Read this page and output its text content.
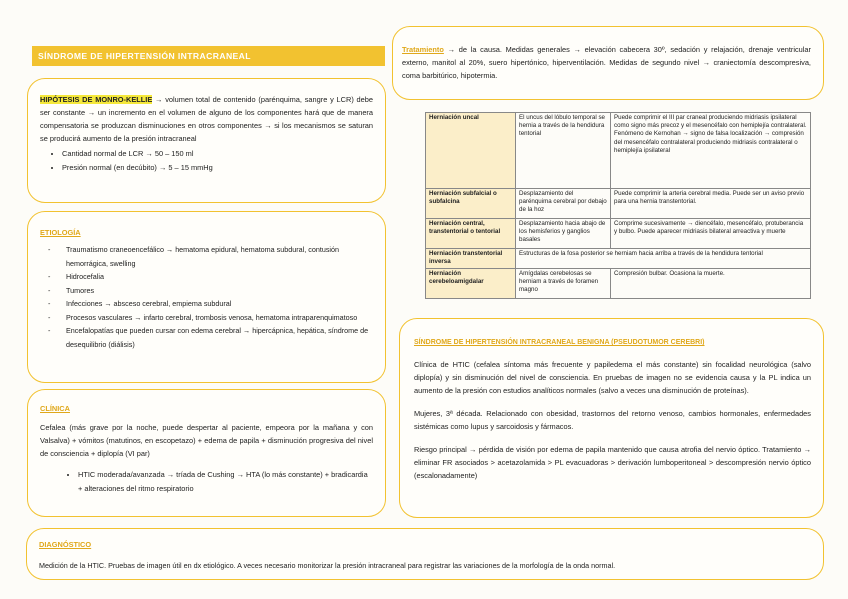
SÍNDROME DE HIPERTENSIÓN INTRACRANEAL

HIPÓTESIS DE MONRO-KELLIE → volumen total de contenido (parénquima, sangre y LCR) debe ser constante → un incremento en el volumen de alguno de los componentes hará que de manera compensatoria se produzcan disminuciones en otros componentes → si los mecanismos se saturan se producirá aumento de la presión intracraneal

• Cantidad normal de LCR → 50 – 150 ml
• Presión normal (en decúbito) → 5 – 15 mmHg
ETIOLOGÍA
- Traumatismo craneoencefálico → hematoma epidural, hematoma subdural, contusión hemorrágica, swelling
- Hidrocefalia
- Tumores
- Infecciones → absceso cerebral, empiema subdural
- Procesos vasculares → infarto cerebral, trombosis venosa, hematoma intraparenquimatoso
- Encefalopatías que pueden cursar con edema cerebral → hipercápnica, hepática, síndrome de desequilibrio (diálisis)
CLÍNICA

Cefalea (más grave por la noche, puede despertar al paciente, empeora por la mañana y con Valsalva) + vómitos (matutinos, en escopetazo) + edema de papila + disminución progresiva del nivel de consciencia + diplopía (VI par)

• HTIC moderada/avanzada → tríada de Cushing → HTA (lo más constante) + bradicardia + alteraciones del ritmo respiratorio

Tratamiento → de la causa. Medidas generales → elevación cabecera 30º, sedación y relajación, drenaje ventricular externo, manitol al 20%, suero hipertónico, hiperventilación. Medidas de segundo nivel → craniectomía descompresiva, coma barbitúrico, hipotermia.

Herniación uncal	El uncus del lóbulo temporal se hernia a través de la hendidura tentorial	Puede comprimir el III par craneal produciendo midriasis ipsilateral como signo más precoz y el mesencéfalo con hemiplejía contralateral. Fenómeno de Kernohan → signo de falsa localización → compresión del mesencéfalo contralateral produciendo midriasis contralateral o hemiplejía ipsilateral
Herniación subfalcial o subfalcina	Desplazamiento del parénquima cerebral por debajo de la hoz	Puede comprimir la arteria cerebral media. Puede ser un aviso previo para una hernia transtentorial.
Herniación central, transtentorial o tentorial	Desplazamiento hacia abajo de los hemisferios y ganglios basales	Comprime sucesivamente → diencéfalo, mesencéfalo, protuberancia y bulbo. Puede aparecer midriasis bilateral arreactiva y muerte
Herniación transtentorial inversa	Estructuras de la fosa posterior se herniam hacia arriba a través de la hendidura tentorial	
Herniación cerebeloamigdalar	Amígdalas cerebelosas se herniam a través de foramen magno	Compresión bulbar. Ocasiona la muerte.
SÍNDROME DE HIPERTENSIÓN INTRACRANEAL BENIGNA (PSEUDOTUMOR CEREBRI)

Clínica de HTIC (cefalea síntoma más frecuente y papiledema el más constante) sin focalidad neurológica (salvo diplopía) y sin disminución del nivel de consciencia. En pruebas de imagen no se evidencia causa y la PL indica un aumento de la presión con estudios analíticos normales (salvo a veces una disminución de proteínas).

Mujeres, 3ª década. Relacionado con obesidad, trastornos del retorno venoso, cambios hormonales, enfermedades sistémicas como lupus y sarcoidosis y fármacos.

Riesgo principal → pérdida de visión por edema de papila mantenido que causa atrofia del nervio óptico. Tratamiento → eliminar FR asociados > acetazolamida > PL evacuadoras > derivación lumboperitoneal > descompresión nervio óptico (escalonadamente)

DIAGNÓSTICO

Medición de la HTIC. Pruebas de imagen útil en dx etiológico. A veces necesario monitorizar la presión intracraneal para registrar las variaciones de la morfología de la onda normal.
